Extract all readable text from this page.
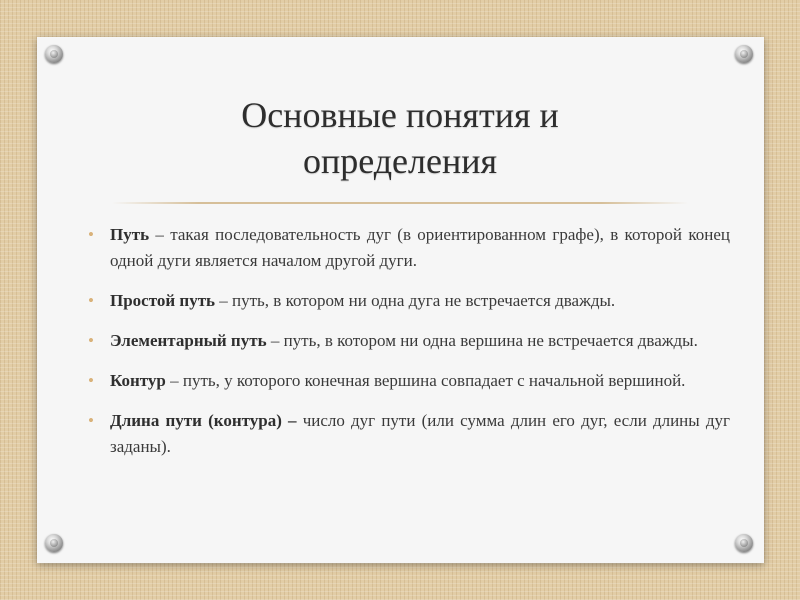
Основные понятия и
определения
• Путь – такая последовательность дуг (в ориентированном графе), в которой конец одной дуги является началом другой дуги.
• Простой путь – путь, в котором ни одна дуга не встречается дважды.
• Элементарный путь – путь, в котором ни одна вершина не встречается дважды.
• Контур – путь, у которого конечная вершина совпадает с начальной вершиной.
• Длина пути (контура) – число дуг пути (или сумма длин его дуг, если длины дуг заданы).
